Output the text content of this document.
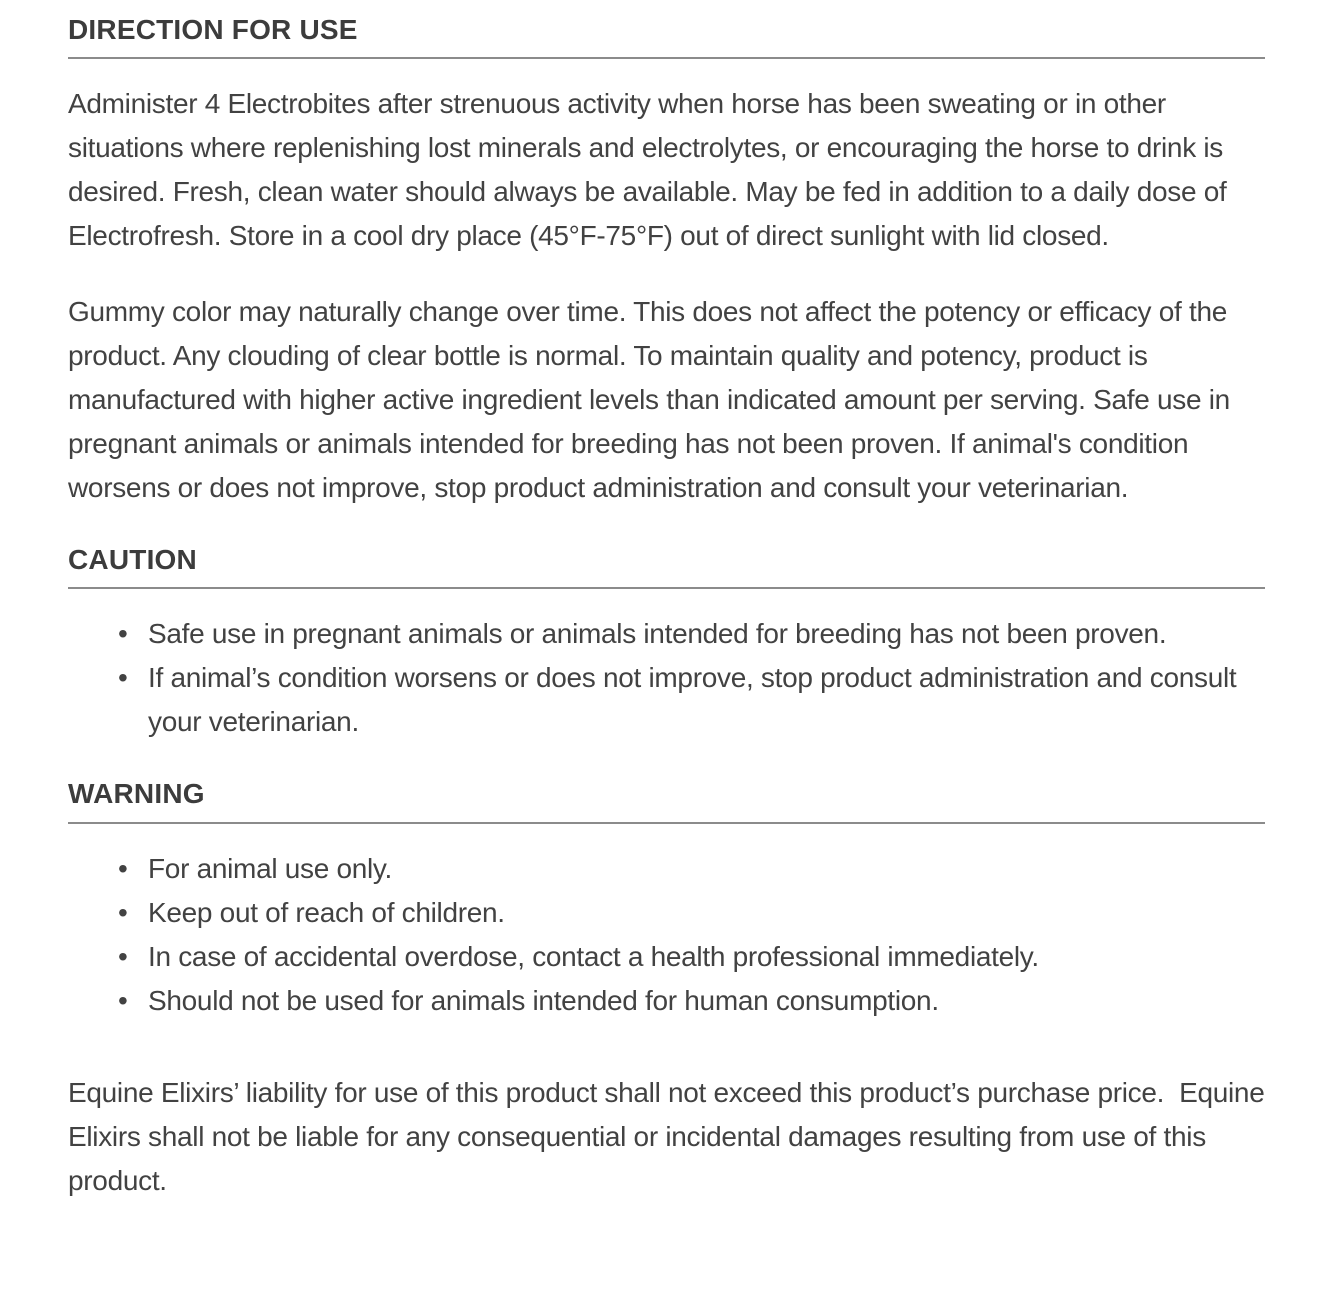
DIRECTION FOR USE

Administer 4 Electrobites after strenuous activity when horse has been sweating or in other situations where replenishing lost minerals and electrolytes, or encouraging the horse to drink is desired. Fresh, clean water should always be available. May be fed in addition to a daily dose of Electrofresh. Store in a cool dry place (45°F-75°F) out of direct sunlight with lid closed.

Gummy color may naturally change over time. This does not affect the potency or efficacy of the product. Any clouding of clear bottle is normal. To maintain quality and potency, product is manufactured with higher active ingredient levels than indicated amount per serving. Safe use in pregnant animals or animals intended for breeding has not been proven. If animal's condition worsens or does not improve, stop product administration and consult your veterinarian.

CAUTION
• Safe use in pregnant animals or animals intended for breeding has not been proven.
• If animal’s condition worsens or does not improve, stop product administration and consult your veterinarian.
WARNING
• For animal use only.
• Keep out of reach of children.
• In case of accidental overdose, contact a health professional immediately.
• Should not be used for animals intended for human consumption.

Equine Elixirs’ liability for use of this product shall not exceed this product’s purchase price.  Equine Elixirs shall not be liable for any consequential or incidental damages resulting from use of this product.
